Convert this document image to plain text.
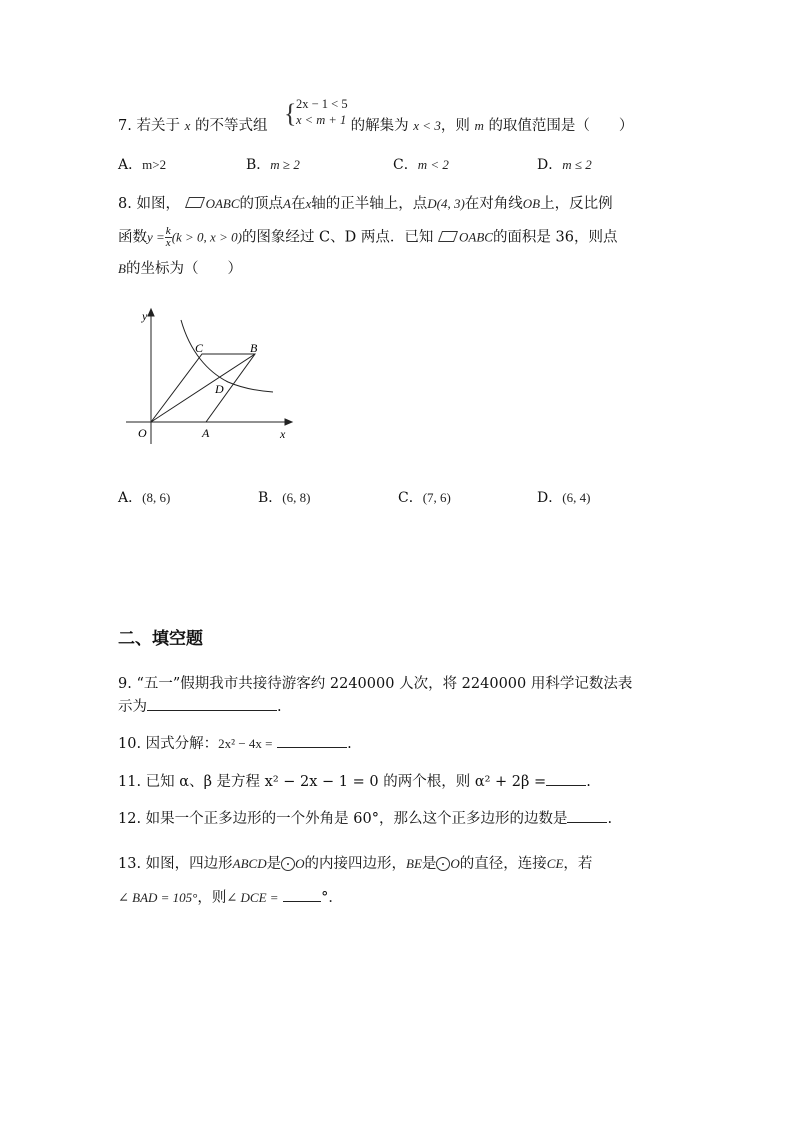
{ 2x − 1 < 5
x < m + 1
7. 若关于 x 的不等式组	的解集为 x < 3，则 m 的取值范围是（　　）
A．m>2	B．m ≥ 2	C．m < 2	D．m ≤ 2
8. 如图， OABC的顶点A在x轴的正半轴上，点D(4, 3)在对角线OB上，反比例
函数$y = \frac{k}{x} (k > 0$, x > 0)的图象经过 C、D 两点．已知 OABC的面积是 36，则点
B的坐标为（　　）
y
x
O	A
B
C
D
A．(8, 6)	B．(6, 8)	C．(7, 6)	D．(6, 4)
二、填空题
9. “五一”假期我市共接待游客约 2240000 人次，将 2240000 用科学记数法表
示为	.
10. 因式分解：2x² − 4x =	.
11. 已知 α、β 是方程 x² − 2x − 1 = 0 的两个根，则 α² + 2β =	.
12. 如果一个正多边形的一个外角是 60°，那么这个正多边形的边数是	.
13. 如图，四边形ABCD是 O的内接四边形，BE是 O的直径，连接CE，若
∠ BAD = 105°，则∠ DCE =	°．
